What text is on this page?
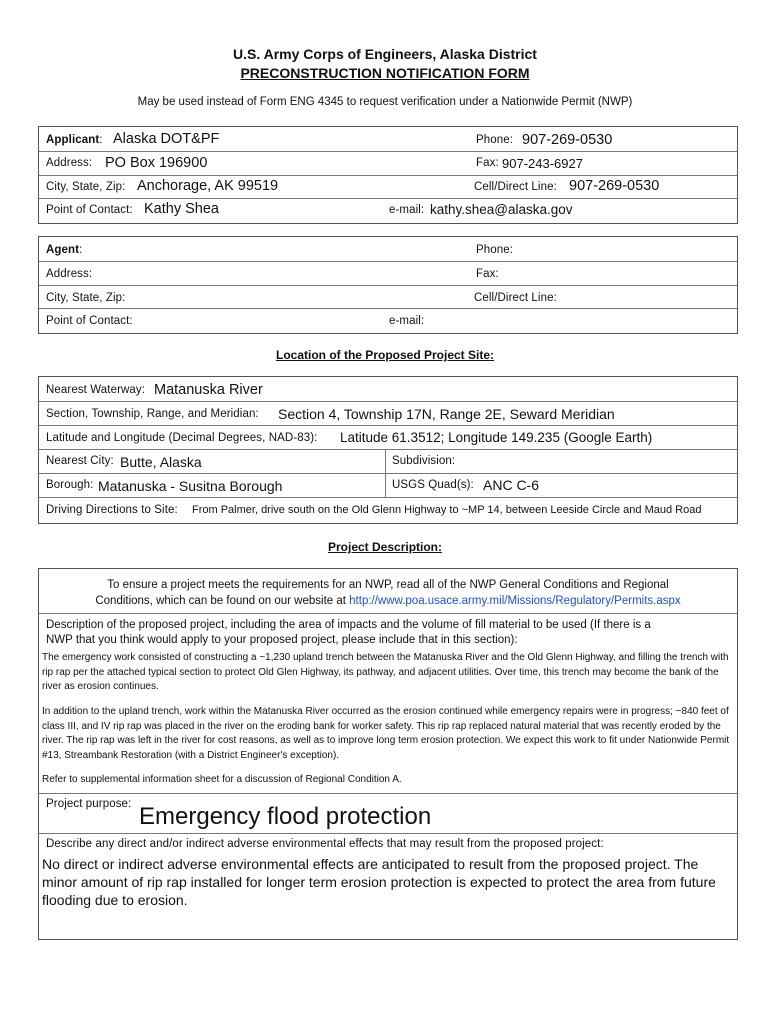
U.S. Army Corps of Engineers, Alaska District
PRECONSTRUCTION NOTIFICATION FORM
May be used instead of Form ENG 4345 to request verification under a Nationwide Permit (NWP)
Applicant: Alaska DOT&PF	Phone: 907-269-0530
Address: PO Box 196900	Fax: 907-243-6927
City, State, Zip: Anchorage, AK 99519	Cell/Direct Line: 907-269-0530
Point of Contact: Kathy Shea	e-mail: kathy.shea@alaska.gov
Agent:	Phone:
Address:	Fax:
City, State, Zip:	Cell/Direct Line:
Point of Contact:	e-mail:
Location of the Proposed Project Site:
Nearest Waterway: Matanuska River
Section, Township, Range, and Meridian: Section 4, Township 17N, Range 2E, Seward Meridian
Latitude and Longitude (Decimal Degrees, NAD-83): Latitude 61.3512; Longitude 149.235 (Google Earth)
Nearest City: Butte, Alaska	Subdivision:
Borough: Matanuska - Susitna Borough	USGS Quad(s): ANC C-6
Driving Directions to Site: From Palmer, drive south on the Old Glenn Highway to ~MP 14, between Leeside Circle and Maud Road
Project Description:
To ensure a project meets the requirements for an NWP, read all of the NWP General Conditions and Regional
Conditions, which can be found on our website at http://www.poa.usace.army.mil/Missions/Regulatory/Permits.aspx
Description of the proposed project, including the area of impacts and the volume of fill material to be used (If there is a
NWP that you think would apply to your proposed project, please include that in this section):
The emergency work consisted of constructing a ~1,230 upland trench between the Matanuska River and the Old Glenn Highway, and filling the trench with rip rap per the attached typical section to protect Old Glen Highway, its pathway, and adjacent utilities. Over time, this trench may become the bank of the river as erosion continues.
In addition to the upland trench, work within the Matanuska River occurred as the erosion continued while emergency repairs were in progress; ~840 feet of class III, and IV rip rap was placed in the river on the eroding bank for worker safety. This rip rap replaced natural material that was recently eroded by the river. The rip rap was left in the river for cost reasons, as well as to improve long term erosion protection. We expect this work to fit under Nationwide Permit #13, Streambank Restoration (with a District Engineer's exception).
Refer to supplemental information sheet for a discussion of Regional Condition A.
Project purpose: Emergency flood protection
Describe any direct and/or indirect adverse environmental effects that may result from the proposed project:
No direct or indirect adverse environmental effects are anticipated to result from the proposed project. The minor amount of rip rap installed for longer term erosion protection is expected to protect the area from future flooding due to erosion.
